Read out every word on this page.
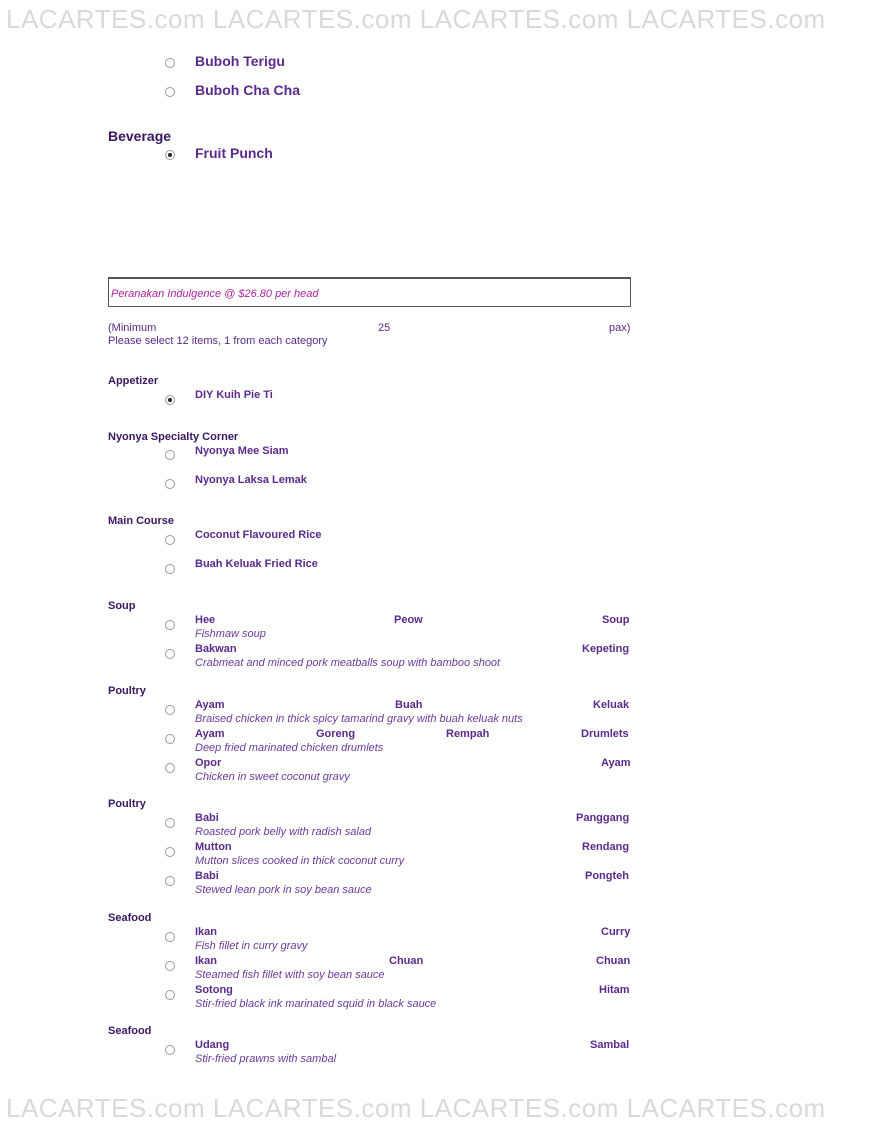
LACARTES.com LACARTES.com LACARTES.com LACARTES.com
LACARTES.com LACARTES.com LACARTES.com LACARTES.com
Buboh Terigu
Buboh Cha Cha
Beverage
Fruit Punch
Peranakan Indulgence @ $26.80 per head
(Minimum	25	pax)
Please select 12 items, 1 from each category
Appetizer
DIY Kuih Pie Ti
Nyonya Specialty Corner
Nyonya Mee Siam
Nyonya Laksa Lemak
Main Course
Coconut Flavoured Rice
Buah Keluak Fried Rice
Soup
Hee	Peow	Soup
Fishmaw soup
Bakwan	Kepeting
Crabmeat and minced pork meatballs soup with bamboo shoot
Poultry
Ayam	Buah	Keluak
Braised chicken in thick spicy tamarind gravy with buah keluak nuts
Ayam	Goreng	Rempah	Drumlets
Deep fried marinated chicken drumlets
Opor	Ayam
Chicken in sweet coconut gravy
Poultry
Babi	Panggang
Roasted pork belly with radish salad
Mutton	Rendang
Mutton slices cooked in thick coconut curry
Babi	Pongteh
Stewed lean pork in soy bean sauce
Seafood
Ikan	Curry
Fish fillet in curry gravy
Ikan	Chuan	Chuan
Steamed fish fillet with soy bean sauce
Sotong	Hitam
Stir-fried black ink marinated squid in black sauce
Seafood
Udang	Sambal
Stir-fried prawns with sambal
